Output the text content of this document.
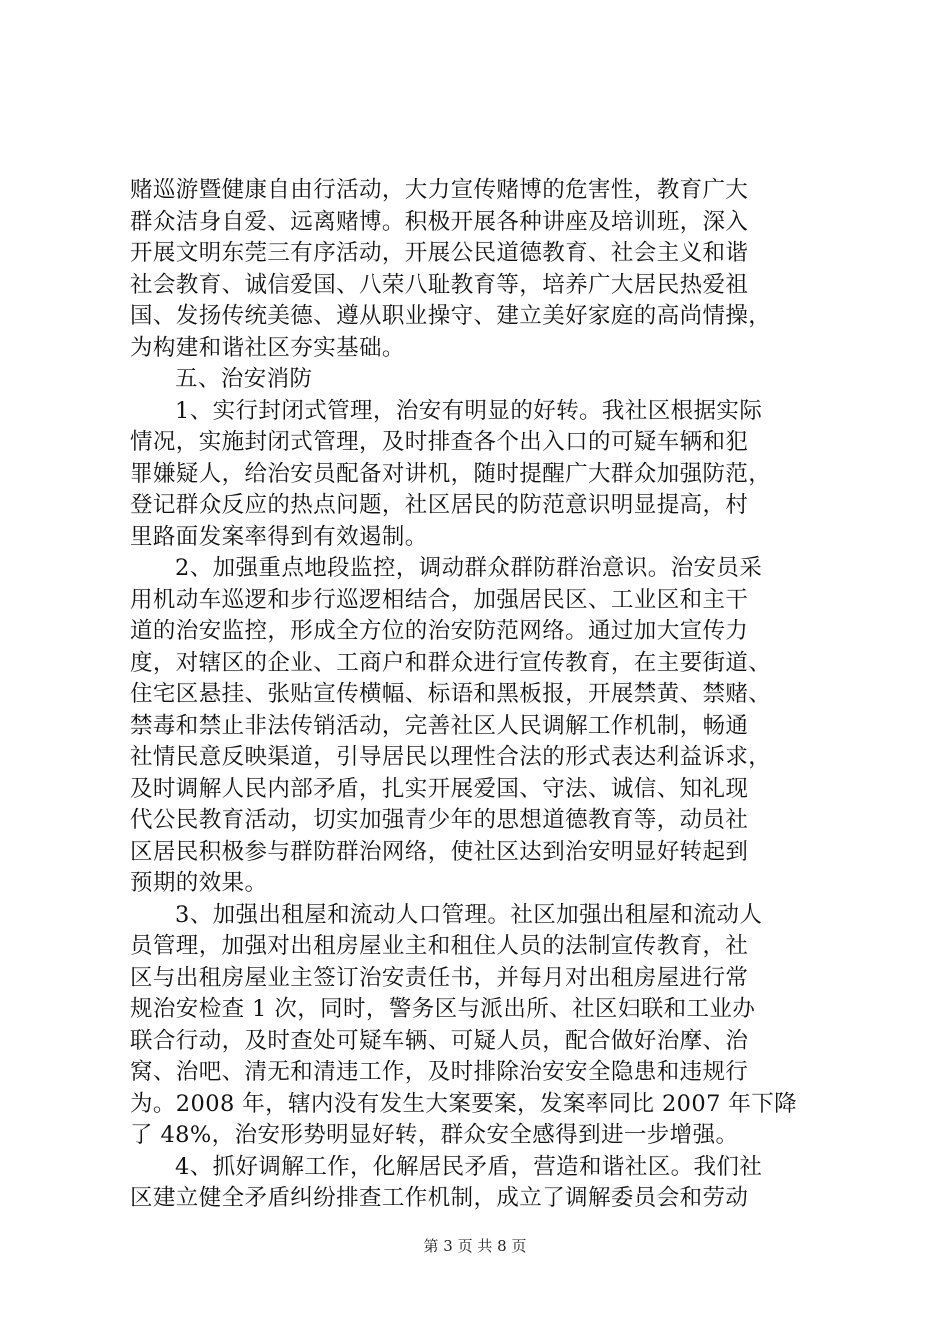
赌巡游暨健康自由行活动，大力宣传赌博的危害性，教育广大
群众洁身自爱、远离赌博。积极开展各种讲座及培训班，深入
开展文明东莞三有序活动，开展公民道德教育、社会主义和谐
社会教育、诚信爱国、八荣八耻教育等，培养广大居民热爱祖
国、发扬传统美德、遵从职业操守、建立美好家庭的高尚情操，
为构建和谐社区夯实基础。
五、治安消防
1、实行封闭式管理，治安有明显的好转。我社区根据实际
情况，实施封闭式管理，及时排查各个出入口的可疑车辆和犯
罪嫌疑人，给治安员配备对讲机，随时提醒广大群众加强防范，
登记群众反应的热点问题，社区居民的防范意识明显提高，村
里路面发案率得到有效遏制。
2、加强重点地段监控，调动群众群防群治意识。治安员采
用机动车巡逻和步行巡逻相结合，加强居民区、工业区和主干
道的治安监控，形成全方位的治安防范网络。通过加大宣传力
度，对辖区的企业、工商户和群众进行宣传教育，在主要街道、
住宅区悬挂、张贴宣传横幅、标语和黑板报，开展禁黄、禁赌、
禁毒和禁止非法传销活动，完善社区人民调解工作机制，畅通
社情民意反映渠道，引导居民以理性合法的形式表达利益诉求，
及时调解人民内部矛盾，扎实开展爱国、守法、诚信、知礼现
代公民教育活动，切实加强青少年的思想道德教育等，动员社
区居民积极参与群防群治网络，使社区达到治安明显好转起到
预期的效果。
3、加强出租屋和流动人口管理。社区加强出租屋和流动人
员管理，加强对出租房屋业主和租住人员的法制宣传教育，社
区与出租房屋业主签订治安责任书，并每月对出租房屋进行常
规治安检查 1 次，同时，警务区与派出所、社区妇联和工业办
联合行动，及时查处可疑车辆、可疑人员，配合做好治摩、治
窝、治吧、清无和清违工作，及时排除治安安全隐患和违规行
为。2008 年，辖内没有发生大案要案，发案率同比 2007 年下降
了 48%，治安形势明显好转，群众安全感得到进一步增强。
4、抓好调解工作，化解居民矛盾，营造和谐社区。我们社
区建立健全矛盾纠纷排查工作机制，成立了调解委员会和劳动
第 3 页 共 8 页
